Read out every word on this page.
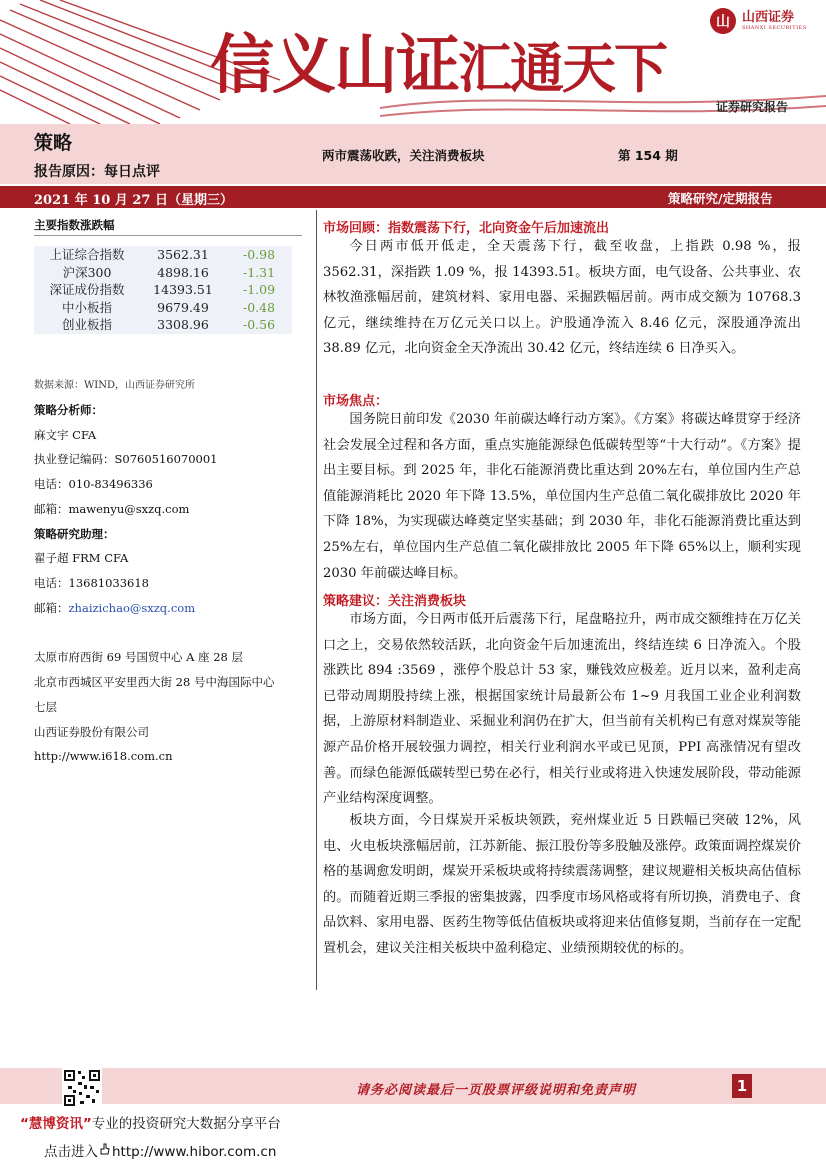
信义山证汇通天下
山 山西证券
SHANXI SECURITIES
证券研究报告
策略
报告原因：每日点评
两市震荡收跌，关注消费板块	第 154 期
2021 年 10 月 27 日（星期三）	策略研究/定期报告
主要指数涨跌幅
上证综合指数	3562.31	-0.98
沪深300	4898.16	-1.31
深证成份指数	14393.51	-1.09
中小板指	9679.49	-0.48
创业板指	3308.96	-0.56
数据来源：WIND，山西证券研究所
策略分析师：
麻文宇 CFA
执业登记编码：S0760516070001
电话：010-83496336
邮箱：mawenyu@sxzq.com
策略研究助理：
翟子超 FRM CFA
电话：13681033618
邮箱：zhaizichao@sxzq.com
太原市府西街 69 号国贸中心 A 座 28 层
北京市西城区平安里西大街 28 号中海国际中心
七层
山西证券股份有限公司
http://www.i618.com.cn
市场回顾：指数震荡下行，北向资金午后加速流出
今日两市低开低走，全天震荡下行，截至收盘，上指跌 0.98 %，报 3562.31，深指跌 1.09 %，报 14393.51。板块方面，电气设备、公共事业、农林牧渔涨幅居前，建筑材料、家用电器、采掘跌幅居前。两市成交额为 10768.3 亿元，继续维持在万亿元关口以上。沪股通净流入 8.46 亿元，深股通净流出 38.89 亿元，北向资金全天净流出 30.42 亿元，终结连续 6 日净买入。
市场焦点：
国务院日前印发《2030 年前碳达峰行动方案》。《方案》将碳达峰贯穿于经济社会发展全过程和各方面，重点实施能源绿色低碳转型等“十大行动”。《方案》提出主要目标。到 2025 年，非化石能源消费比重达到 20%左右，单位国内生产总值能源消耗比 2020 年下降 13.5%，单位国内生产总值二氧化碳排放比 2020 年下降 18%，为实现碳达峰奠定坚实基础；到 2030 年，非化石能源消费比重达到 25%左右，单位国内生产总值二氧化碳排放比 2005 年下降 65%以上，顺利实现 2030 年前碳达峰目标。
策略建议：关注消费板块
市场方面，今日两市低开后震荡下行，尾盘略拉升，两市成交额维持在万亿关口之上，交易依然较活跃，北向资金午后加速流出，终结连续 6 日净流入。个股涨跌比 894 :3569 ，涨停个股总计 53 家，赚钱效应极差。近月以来，盈利走高已带动周期股持续上涨，根据国家统计局最新公布 1~9 月我国工业企业利润数据，上游原材料制造业、采掘业利润仍在扩大，但当前有关机构已有意对煤炭等能源产品价格开展较强力调控，相关行业利润水平或已见顶，PPI 高涨情况有望改善。而绿色能源低碳转型已势在必行，相关行业或将进入快速发展阶段，带动能源产业结构深度调整。
板块方面，今日煤炭开采板块领跌，兖州煤业近 5 日跌幅已突破 12%，风电、火电板块涨幅居前，江苏新能、振江股份等多股触及涨停。政策面调控煤炭价格的基调愈发明朗，煤炭开采板块或将持续震荡调整，建议规避相关板块高估值标的。而随着近期三季报的密集披露，四季度市场风格或将有所切换，消费电子、食品饮料、家用电器、医药生物等低估值板块或将迎来估值修复期，当前存在一定配置机会，建议关注相关板块中盈利稳定、业绩预期较优的标的。
请务必阅读最后一页股票评级说明和免责声明	1
“慧博资讯”专业的投资研究大数据分享平台
点击进入 http://www.hibor.com.cn
